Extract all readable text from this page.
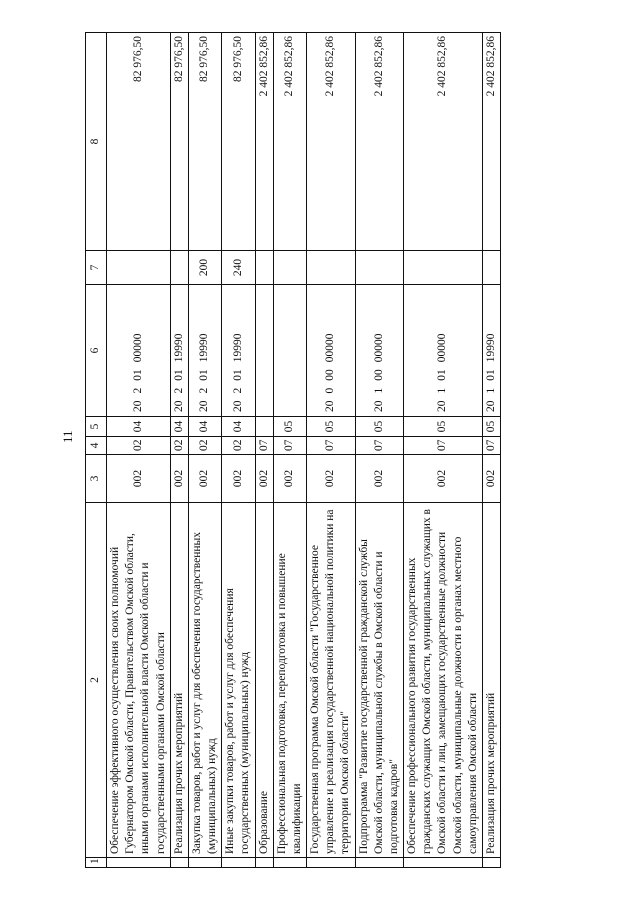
11
1	2	3	4	5	6	7	8
	Обеспечение эффективного осуществления своих полномочий Губернатором Омской области, Правительством Омской области, иными органами исполнительной власти Омской области и государственными органами Омской области	002	02	04	2020100000		82 976,50
	Реализация прочих мероприятий	002	02	04	2020119990		82 976,50
	Закупка товаров, работ и услуг для обеспечения государственных (муниципальных) нужд	002	02	04	2020119990	200	82 976,50
	Иные закупки товаров, работ и услуг для обеспечения государственных (муниципальных) нужд	002	02	04	2020119990	240	82 976,50
	Образование	002	07				2 402 852,86
	Профессиональная подготовка, переподготовка и повышение квалификации	002	07	05			2 402 852,86
	Государственная программа Омской области "Государственное управление и реализация государственной национальной политики на территории Омской области"	002	07	05	2000000000		2 402 852,86
	Подпрограмма "Развитие государственной гражданской службы Омской области, муниципальной службы в Омской области и подготовка кадров"	002	07	05	2010000000		2 402 852,86
	Обеспечение профессионального развития государственных гражданских служащих Омской области, муниципальных служащих в Омской области и лиц, замещающих государственные должности Омской области, муниципальные должности в органах местного самоуправления Омской области	002	07	05	2010100000		2 402 852,86
	Реализация прочих мероприятий	002	07	05	2010119990		2 402 852,86
